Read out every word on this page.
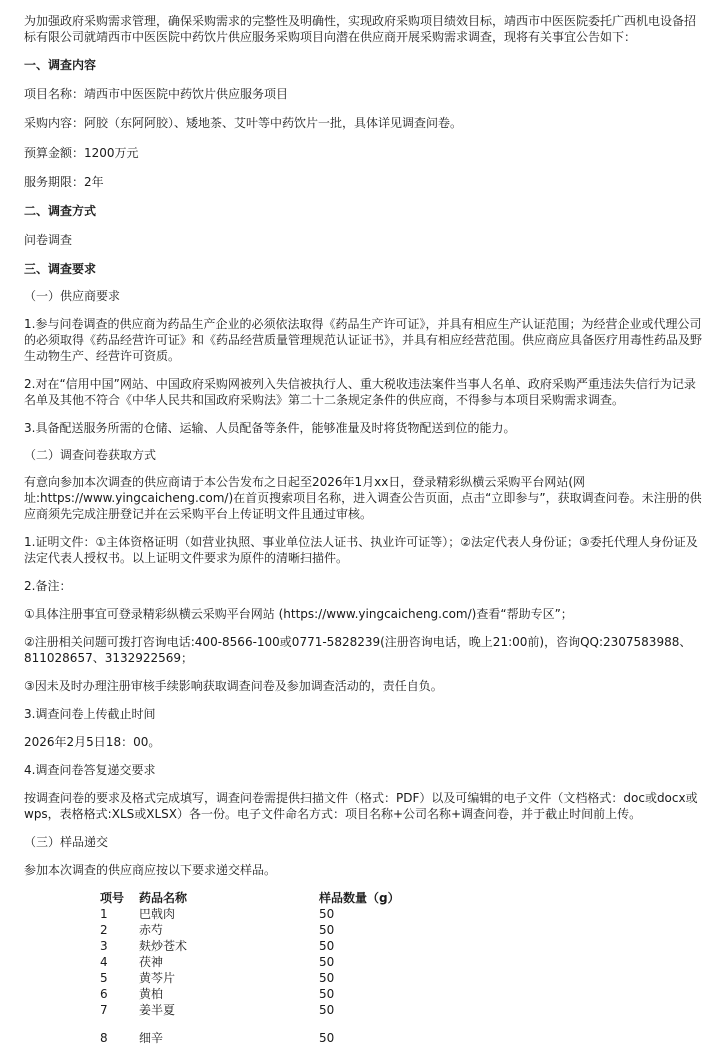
为加强政府采购需求管理，确保采购需求的完整性及明确性，实现政府采购项目绩效目标，靖西市中医医院委托广西机电设备招标有限公司就靖西市中医医院中药饮片供应服务采购项目向潜在供应商开展采购需求调查，现将有关事宜公告如下：

一、调查内容

项目名称：靖西市中医医院中药饮片供应服务项目

采购内容：阿胶（东阿阿胶）、矮地茶、艾叶等中药饮片一批，具体详见调查问卷。

预算金额：1200万元

服务期限：2年

二、调查方式

问卷调查

三、调查要求

（一）供应商要求

1.参与问卷调查的供应商为药品生产企业的必须依法取得《药品生产许可证》，并具有相应生产认证范围；为经营企业或代理公司的必须取得《药品经营许可证》和《药品经营质量管理规范认证证书》，并具有相应经营范围。供应商应具备医疗用毒性药品及野生动物生产、经营许可资质。

2.对在“信用中国”网站、中国政府采购网被列入失信被执行人、重大税收违法案件当事人名单、政府采购严重违法失信行为记录名单及其他不符合《中华人民共和国政府采购法》第二十二条规定条件的供应商，不得参与本项目采购需求调查。

3.具备配送服务所需的仓储、运输、人员配备等条件，能够准量及时将货物配送到位的能力。

（二）调查问卷获取方式

有意向参加本次调查的供应商请于本公告发布之日起至2026年1月xx日，登录精彩纵横云采购平台网站(网址:https://www.yingcaicheng.com/)在首页搜索项目名称，进入调查公告页面，点击“立即参与”，获取调查问卷。未注册的供应商须先完成注册登记并在云采购平台上传证明文件且通过审核。

1.证明文件：①主体资格证明（如营业执照、事业单位法人证书、执业许可证等）；②法定代表人身份证；③委托代理人身份证及法定代表人授权书。以上证明文件要求为原件的清晰扫描件。

2.备注：

①具体注册事宜可登录精彩纵横云采购平台网站 (https://www.yingcaicheng.com/)查看“帮助专区”；

②注册相关问题可拨打咨询电话:400-8566-100或0771-5828239(注册咨询电话，晚上21:00前)，咨询QQ:2307583988、811028657、3132922569；

③因未及时办理注册审核手续影响获取调查问卷及参加调查活动的，责任自负。

3.调查问卷上传截止时间

2026年2月5日18：00。

4.调查问卷答复递交要求

按调查问卷的要求及格式完成填写，调查问卷需提供扫描文件（格式：PDF）以及可编辑的电子文件（文档格式：doc或docx或wps，表格格式:XLS或XLSX）各一份。电子文件命名方式：项目名称+公司名称+调查问卷，并于截止时间前上传。

（三）样品递交

参加本次调查的供应商应按以下要求递交样品。

项号	药品名称	样品数量（g）
1	巴戟肉	50
2	赤芍	50
3	麸炒苍术	50
4	茯神	50
5	黄芩片	50
6	黄柏	50
7	姜半夏	50
8	细辛	50
